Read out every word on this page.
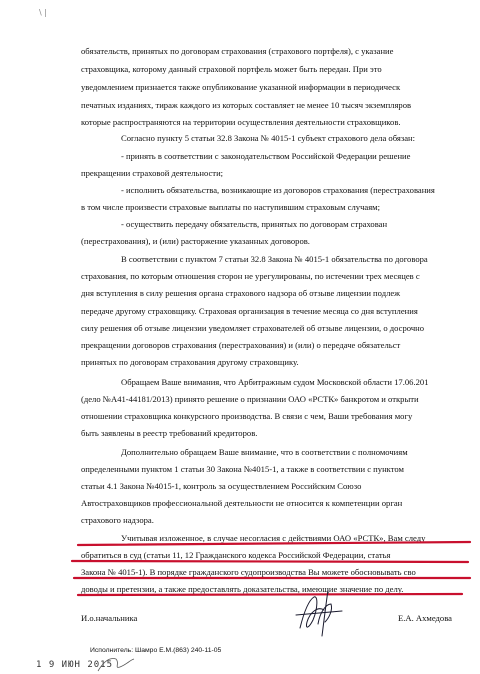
\ |
обязательств, принятых по договорам страхования (страхового портфеля), с указание
страховщика, которому данный страховой портфель может быть передан. При это
уведомлением признается также опубликование указанной информации в периодическ
печатных изданиях, тираж каждого из которых составляет не менее 10 тысяч экземпляров
которые распространяются на территории осуществления деятельности страховщиков.
Согласно пункту 5 статьи 32.8 Закона № 4015-1 субъект страхового дела обязан:
- принять в соответствии с законодательством Российской Федерации решение
прекращении страховой деятельности;
- исполнить обязательства, возникающие из договоров страхования (перестрахования
в том числе произвести страховые выплаты по наступившим страховым случаям;
- осуществить передачу обязательств, принятых по договорам страхован
(перестрахования), и (или) расторжение указанных договоров.
В соответствии с пунктом 7 статьи 32.8 Закона № 4015-1 обязательства по договора
страхования, по которым отношения сторон не урегулированы, по истечении трех месяцев с
дня вступления в силу решения органа страхового надзора об отзыве лицензии подлеж
передаче другому страховщику. Страховая организация в течение месяца со дня вступления
силу решения об отзыве лицензии уведомляет страхователей об отзыве лицензии, о досрочно
прекращении договоров страхования (перестрахования) и (или) о передаче обязательст
принятых по договорам страхования другому страховщику.
Обращаем Ваше внимания, что Арбитражным судом Московской области 17.06.201
(дело №А41-44181/2013) принято решение о признании ОАО «РСТК» банкротом и открыти
отношении страховщика конкурсного производства. В связи с чем, Ваши требования могу
быть заявлены в реестр требований кредиторов.
Дополнительно обращаем Ваше внимание, что в соответствии с полномочиям
определенными пунктом 1 статьи 30 Закона №4015-1, а также в соответствии с пунктом
статьи 4.1 Закона №4015-1, контроль за осуществлением Российским Союзо
Автостраховщиков профессиональной деятельности не относится к компетенции орган
страхового надзора.
Учитывая изложенное, в случае несогласия с действиями ОАО «РСТК», Вам следу
обратиться в суд (статьи 11, 12 Гражданского кодекса Российской Федерации, статья
Закона № 4015-1). В порядке гражданского судопроизводства Вы можете обосновывать сво
доводы и претензии, а также предоставлять доказательства, имеющие значение по делу.
И.о.начальника	Е.А. Ахмедова
Исполнитель: Шамро Е.М.(863) 240-11-05
1 9 ИЮН 2015
